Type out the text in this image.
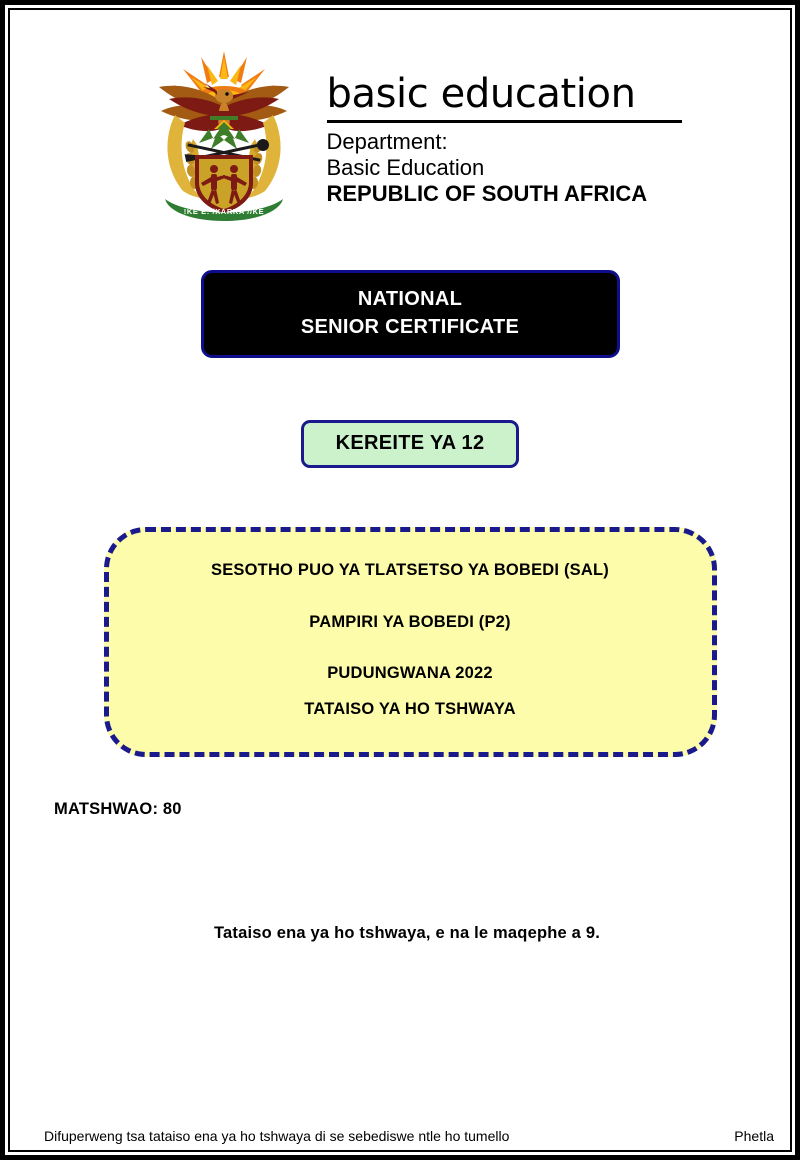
!KE E: /XARRA //KE
basic education
Department:
Basic Education
REPUBLIC OF SOUTH AFRICA
NATIONAL
SENIOR CERTIFICATE
KEREITE YA 12

SESOTHO PUO YA TLATSETSO YA BOBEDI (SAL)

PAMPIRI YA BOBEDI (P2)

PUDUNGWANA 2022

TATAISO YA HO TSHWAYA

MATSHWAO: 80
Tataiso ena ya ho tshwaya, e na le maqephe a 9.
Difuperweng tsa tataiso ena ya ho tshwaya di se sebediswe ntle ho tumello	Phetla
